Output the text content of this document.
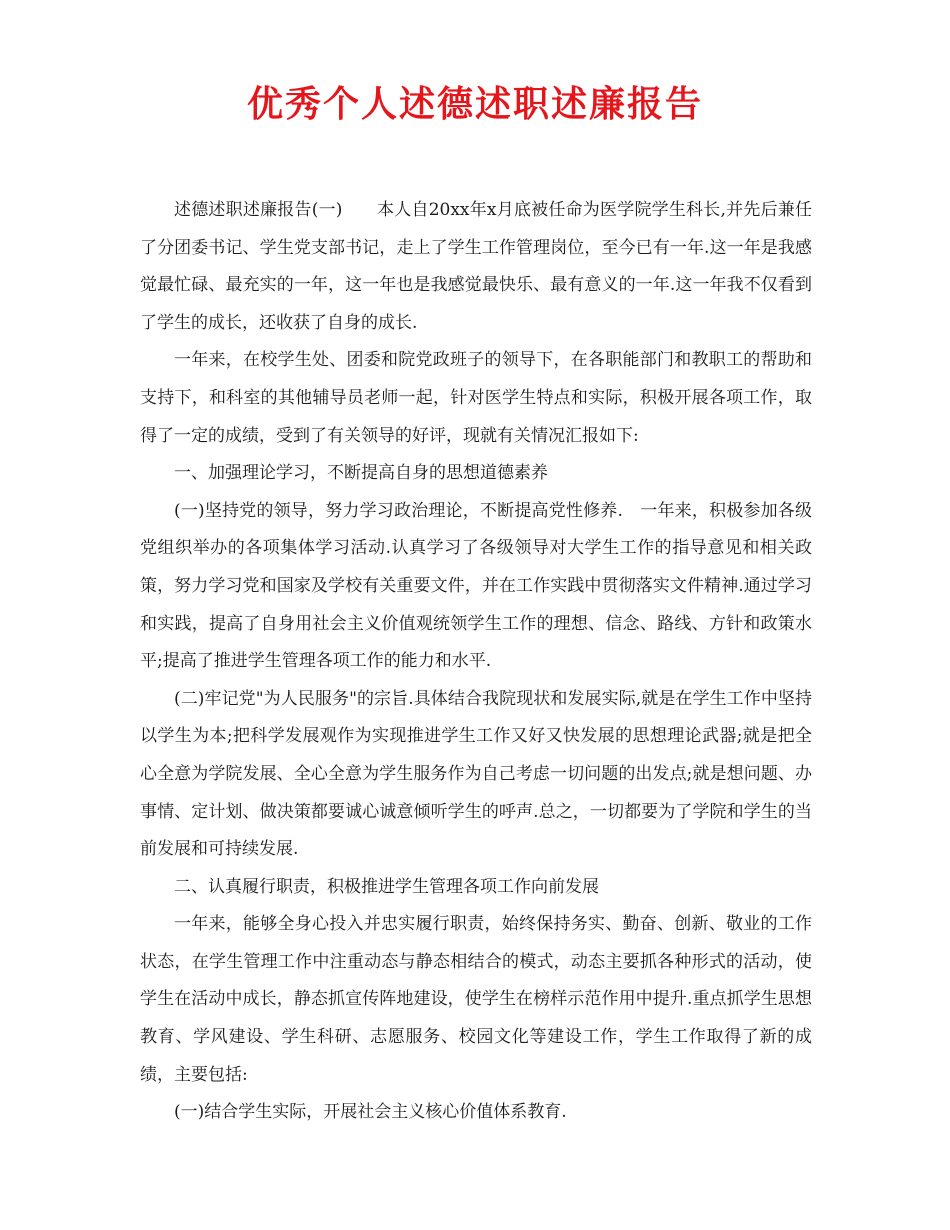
优秀个人述德述职述廉报告

述德述职述廉报告(一)　　本人自20xx年x月底被任命为医学院学生科长,并先后兼任了分团委书记、学生党支部书记，走上了学生工作管理岗位，至今已有一年.这一年是我感觉最忙碌、最充实的一年，这一年也是我感觉最快乐、最有意义的一年.这一年我不仅看到了学生的成长，还收获了自身的成长.

一年来，在校学生处、团委和院党政班子的领导下，在各职能部门和教职工的帮助和支持下，和科室的其他辅导员老师一起，针对医学生特点和实际，积极开展各项工作，取得了一定的成绩，受到了有关领导的好评，现就有关情况汇报如下:

一、加强理论学习，不断提高自身的思想道德素养

(一)坚持党的领导，努力学习政治理论，不断提高党性修养.　一年来，积极参加各级党组织举办的各项集体学习活动.认真学习了各级领导对大学生工作的指导意见和相关政策，努力学习党和国家及学校有关重要文件，并在工作实践中贯彻落实文件精神.通过学习和实践，提高了自身用社会主义价值观统领学生工作的理想、信念、路线、方针和政策水平;提高了推进学生管理各项工作的能力和水平.

(二)牢记党"为人民服务"的宗旨.具体结合我院现状和发展实际,就是在学生工作中坚持以学生为本;把科学发展观作为实现推进学生工作又好又快发展的思想理论武器;就是把全心全意为学院发展、全心全意为学生服务作为自己考虑一切问题的出发点;就是想问题、办事情、定计划、做决策都要诚心诚意倾听学生的呼声.总之，一切都要为了学院和学生的当前发展和可持续发展.

二、认真履行职责，积极推进学生管理各项工作向前发展

一年来，能够全身心投入并忠实履行职责，始终保持务实、勤奋、创新、敬业的工作状态，在学生管理工作中注重动态与静态相结合的模式，动态主要抓各种形式的活动，使学生在活动中成长，静态抓宣传阵地建设，使学生在榜样示范作用中提升.重点抓学生思想教育、学风建设、学生科研、志愿服务、校园文化等建设工作，学生工作取得了新的成绩，主要包括:

(一)结合学生实际，开展社会主义核心价值体系教育.
